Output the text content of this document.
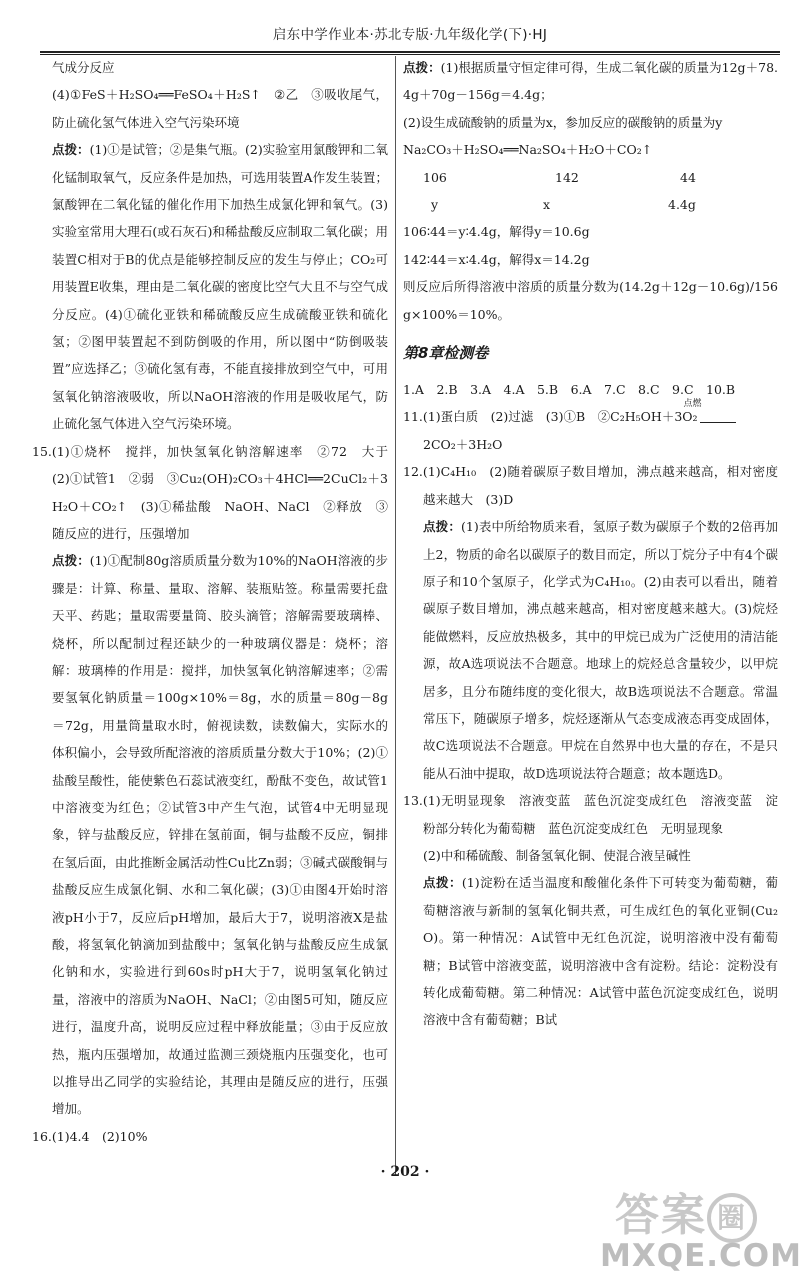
启东中学作业本·苏北专版·九年级化学(下)·HJ

气成分反应

(4)①FeS＋H₂SO₄══FeSO₄＋H₂S↑　②乙　③吸收尾气，防止硫化氢气体进入空气污染环境

点拨：(1)①是试管；②是集气瓶。(2)实验室用氯酸钾和二氧化锰制取氧气，反应条件是加热，可选用装置A作发生装置；氯酸钾在二氧化锰的催化作用下加热生成氯化钾和氧气。(3)实验室常用大理石(或石灰石)和稀盐酸反应制取二氧化碳；用装置C相对于B的优点是能够控制反应的发生与停止；CO₂可用装置E收集，理由是二氧化碳的密度比空气大且不与空气成分反应。(4)①硫化亚铁和稀硫酸反应生成硫酸亚铁和硫化氢；②图甲装置起不到防倒吸的作用，所以图中“防倒吸装置”应选择乙；③硫化氢有毒，不能直接排放到空气中，可用氢氧化钠溶液吸收，所以NaOH溶液的作用是吸收尾气，防止硫化氢气体进入空气污染环境。

15.(1)①烧杯　搅拌，加快氢氧化钠溶解速率　②72　大于　(2)①试管1　②弱　③Cu₂(OH)₂CO₃＋4HCl══2CuCl₂＋3H₂O＋CO₂↑　(3)①稀盐酸　NaOH、NaCl　②释放　③随反应的进行，压强增加

点拨：(1)①配制80g溶质质量分数为10%的NaOH溶液的步骤是：计算、称量、量取、溶解、装瓶贴签。称量需要托盘天平、药匙；量取需要量筒、胶头滴管；溶解需要玻璃棒、烧杯，所以配制过程还缺少的一种玻璃仪器是：烧杯；溶解：玻璃棒的作用是：搅拌，加快氢氧化钠溶解速率；②需要氢氧化钠质量＝100g×10%＝8g，水的质量＝80g－8g＝72g，用量筒量取水时，俯视读数，读数偏大，实际水的体积偏小，会导致所配溶液的溶质质量分数大于10%；(2)①盐酸呈酸性，能使紫色石蕊试液变红，酚酞不变色，故试管1中溶液变为红色；②试管3中产生气泡，试管4中无明显现象，锌与盐酸反应，锌排在氢前面，铜与盐酸不反应，铜排在氢后面，由此推断金属活动性Cu比Zn弱；③碱式碳酸铜与盐酸反应生成氯化铜、水和二氧化碳；(3)①由图4开始时溶液pH小于7，反应后pH增加，最后大于7，说明溶液X是盐酸，将氢氧化钠滴加到盐酸中；氢氧化钠与盐酸反应生成氯化钠和水，实验进行到60s时pH大于7，说明氢氧化钠过量，溶液中的溶质为NaOH、NaCl；②由图5可知，随反应进行，温度升高，说明反应过程中释放能量；③由于反应放热，瓶内压强增加，故通过监测三颈烧瓶内压强变化，也可以推导出乙同学的实验结论，其理由是随反应的进行，压强增加。

16.(1)4.4　(2)10%

点拨：(1)根据质量守恒定律可得，生成二氧化碳的质量为12g＋78.4g＋70g－156g＝4.4g；

(2)设生成硫酸钠的质量为x，参加反应的碳酸钠的质量为y

Na₂CO₃＋H₂SO₄══Na₂SO₄＋H₂O＋CO₂↑

106	142	44

y	x	4.4g

106∶44＝y∶4.4g，解得y＝10.6g

142∶44＝x∶4.4g，解得x＝14.2g

则反应后所得溶液中溶质的质量分数为(14.2g＋12g－10.6g)/156g×100%＝10%。

第8章检测卷

1.A　2.B　3.A　4.A　5.B　6.A　7.C　8.C　9.C　10.B

11.(1)蛋白质　(2)过滤　(3)①B　②C₂H₅OH＋3O₂
点燃

2CO₂＋3H₂O

12.(1)C₄H₁₀　(2)随着碳原子数目增加，沸点越来越高，相对密度越来越大　(3)D

点拨：(1)表中所给物质来看，氢原子数为碳原子个数的2倍再加上2，物质的命名以碳原子的数目而定，所以丁烷分子中有4个碳原子和10个氢原子，化学式为C₄H₁₀。(2)由表可以看出，随着碳原子数目增加，沸点越来越高，相对密度越来越大。(3)烷烃能做燃料，反应放热极多，其中的甲烷已成为广泛使用的清洁能源，故A选项说法不合题意。地球上的烷烃总含量较少，以甲烷居多，且分布随纬度的变化很大，故B选项说法不合题意。常温常压下，随碳原子增多，烷烃逐渐从气态变成液态再变成固体，故C选项说法不合题意。甲烷在自然界中也大量的存在，不是只能从石油中提取，故D选项说法符合题意；故本题选D。

13.(1)无明显现象　溶液变蓝　蓝色沉淀变成红色　溶液变蓝　淀粉部分转化为葡萄糖　蓝色沉淀变成红色　无明显现象

(2)中和稀硫酸、制备氢氧化铜、使混合液呈碱性

点拨：(1)淀粉在适当温度和酸催化条件下可转变为葡萄糖，葡萄糖溶液与新制的氢氧化铜共煮，可生成红色的氧化亚铜(Cu₂O)。第一种情况：A试管中无红色沉淀，说明溶液中没有葡萄糖；B试管中溶液变蓝，说明溶液中含有淀粉。结论：淀粉没有转化成葡萄糖。第二种情况：A试管中蓝色沉淀变成红色，说明溶液中含有葡萄糖；B试

· 202 ·
答案 圈
MXQE.COM
